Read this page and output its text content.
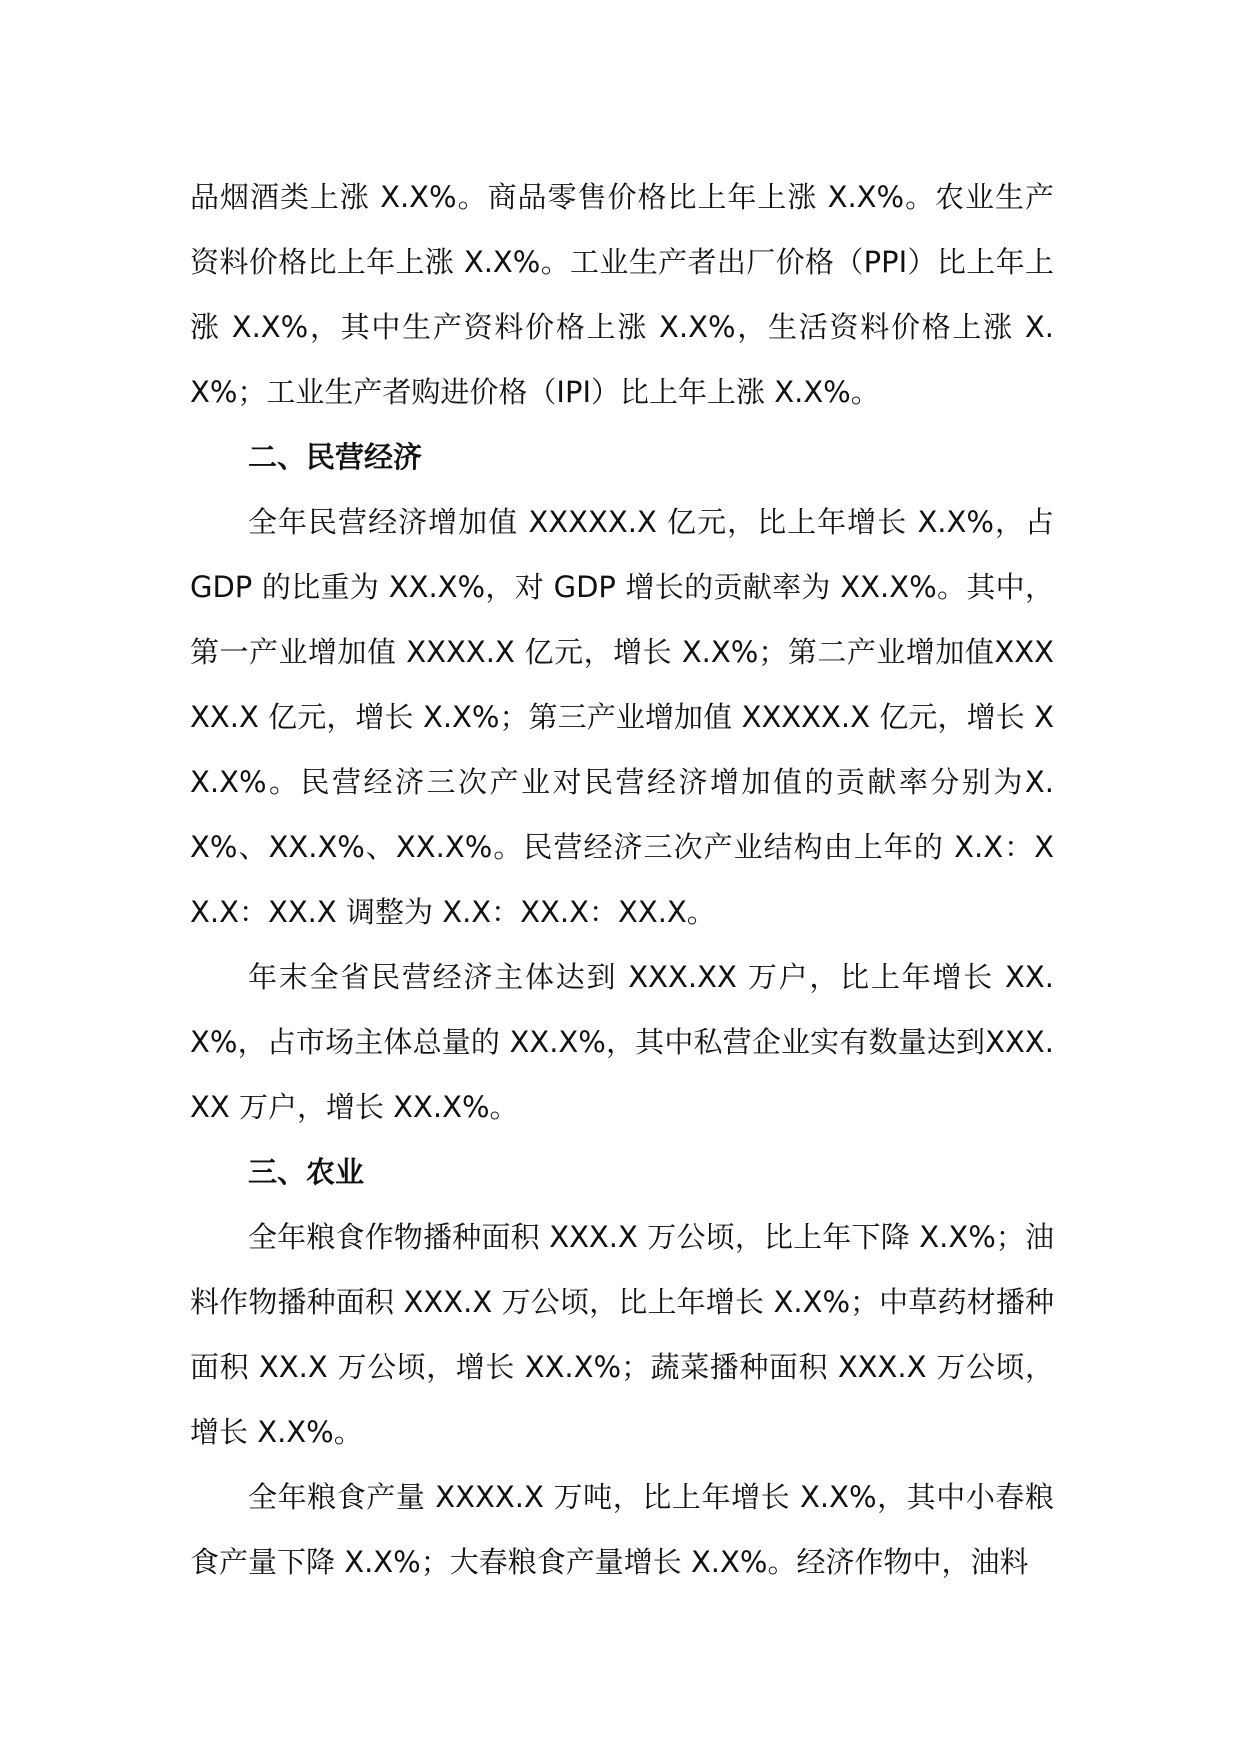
品烟酒类上涨 X.X%。商品零售价格比上年上涨 X.X%。农业生产资料价格比上年上涨 X.X%。工业生产者出厂价格（PPI）比上年上涨 X.X%，其中生产资料价格上涨 X.X%，生活资料价格上涨 X.X%；工业生产者购进价格（IPI）比上年上涨 X.X%。

二、民营经济

全年民营经济增加值 XXXXX.X 亿元，比上年增长 X.X%，占GDP 的比重为 XX.X%，对 GDP 增长的贡献率为 XX.X%。其中，第一产业增加值 XXXX.X 亿元，增长 X.X%；第二产业增加值XXXXX.X 亿元，增长 X.X%；第三产业增加值 XXXXX.X 亿元，增长 XX.X%。民营经济三次产业对民营经济增加值的贡献率分别为X.X%、XX.X%、XX.X%。民营经济三次产业结构由上年的 X.X：XX.X：XX.X 调整为 X.X：XX.X：XX.X。

年末全省民营经济主体达到 XXX.XX 万户，比上年增长 XX.X%，占市场主体总量的 XX.X%，其中私营企业实有数量达到XXX.XX 万户，增长 XX.X%。

三、农业

全年粮食作物播种面积 XXX.X 万公顷，比上年下降 X.X%；油料作物播种面积 XXX.X 万公顷，比上年增长 X.X%；中草药材播种面积 XX.X 万公顷，增长 XX.X%；蔬菜播种面积 XXX.X 万公顷，增长 X.X%。

全年粮食产量 XXXX.X 万吨，比上年增长 X.X%，其中小春粮食产量下降 X.X%；大春粮食产量增长 X.X%。经济作物中，油料
